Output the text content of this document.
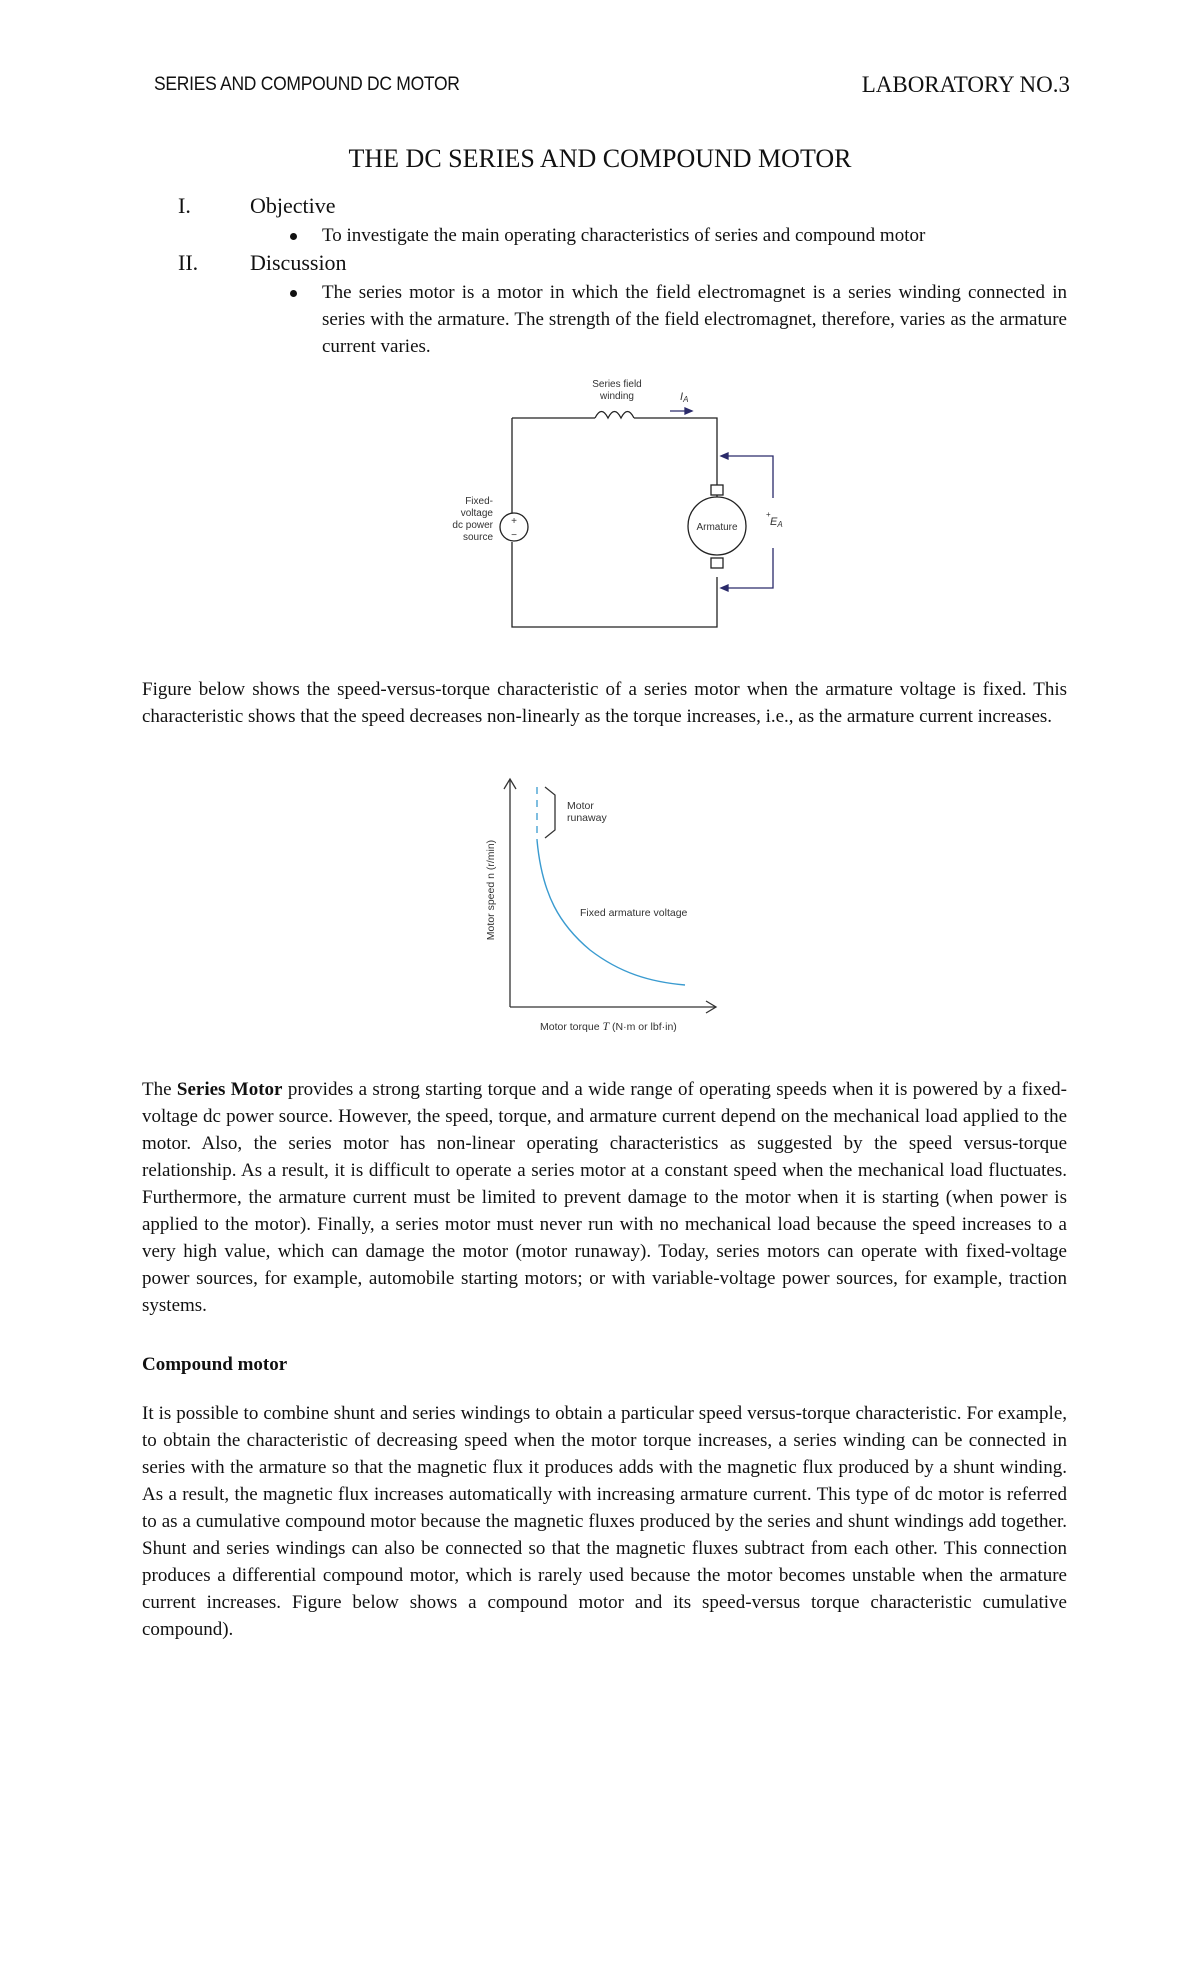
SERIES AND COMPOUND DC MOTOR	LABORATORY NO.3
THE DC SERIES AND COMPOUND MOTOR
I.	Objective
To investigate the main operating characteristics of series and compound motor
II. Discussion
The series motor is a motor in which the field electromagnet is a series winding connected in series with the armature. The strength of the field electromagnet, therefore, varies as the armature current varies.
Series field
winding	IA
Fixed-
voltage
dc power
source
+
−
Armature
+
EA
Figure below shows the speed-versus-torque characteristic of a series motor when the armature voltage is fixed. This characteristic shows that the speed decreases non-linearly as the torque increases, i.e., as the armature current increases.
Motor
runaway
Fixed armature voltage
Motor torque T (N·m or lbf·in)
Motor speed n (r/min)
The Series Motor provides a strong starting torque and a wide range of operating speeds when it is powered by a fixed-voltage dc power source. However, the speed, torque, and armature current depend on the mechanical load applied to the motor. Also, the series motor has non-linear operating characteristics as suggested by the speed versus-torque relationship. As a result, it is difficult to operate a series motor at a constant speed when the mechanical load fluctuates. Furthermore, the armature current must be limited to prevent damage to the motor when it is starting (when power is applied to the motor). Finally, a series motor must never run with no mechanical load because the speed increases to a very high value, which can damage the motor (motor runaway). Today, series motors can operate with fixed-voltage power sources, for example, automobile starting motors; or with variable-voltage power sources, for example, traction systems.
Compound motor
It is possible to combine shunt and series windings to obtain a particular speed versus-torque characteristic. For example, to obtain the characteristic of decreasing speed when the motor torque increases, a series winding can be connected in series with the armature so that the magnetic flux it produces adds with the magnetic flux produced by a shunt winding. As a result, the magnetic flux increases automatically with increasing armature current. This type of dc motor is referred to as a cumulative compound motor because the magnetic fluxes produced by the series and shunt windings add together. Shunt and series windings can also be connected so that the magnetic fluxes subtract from each other. This connection produces a differential compound motor, which is rarely used because the motor becomes unstable when the armature current increases. Figure below shows a compound motor and its speed-versus torque characteristic cumulative compound).
